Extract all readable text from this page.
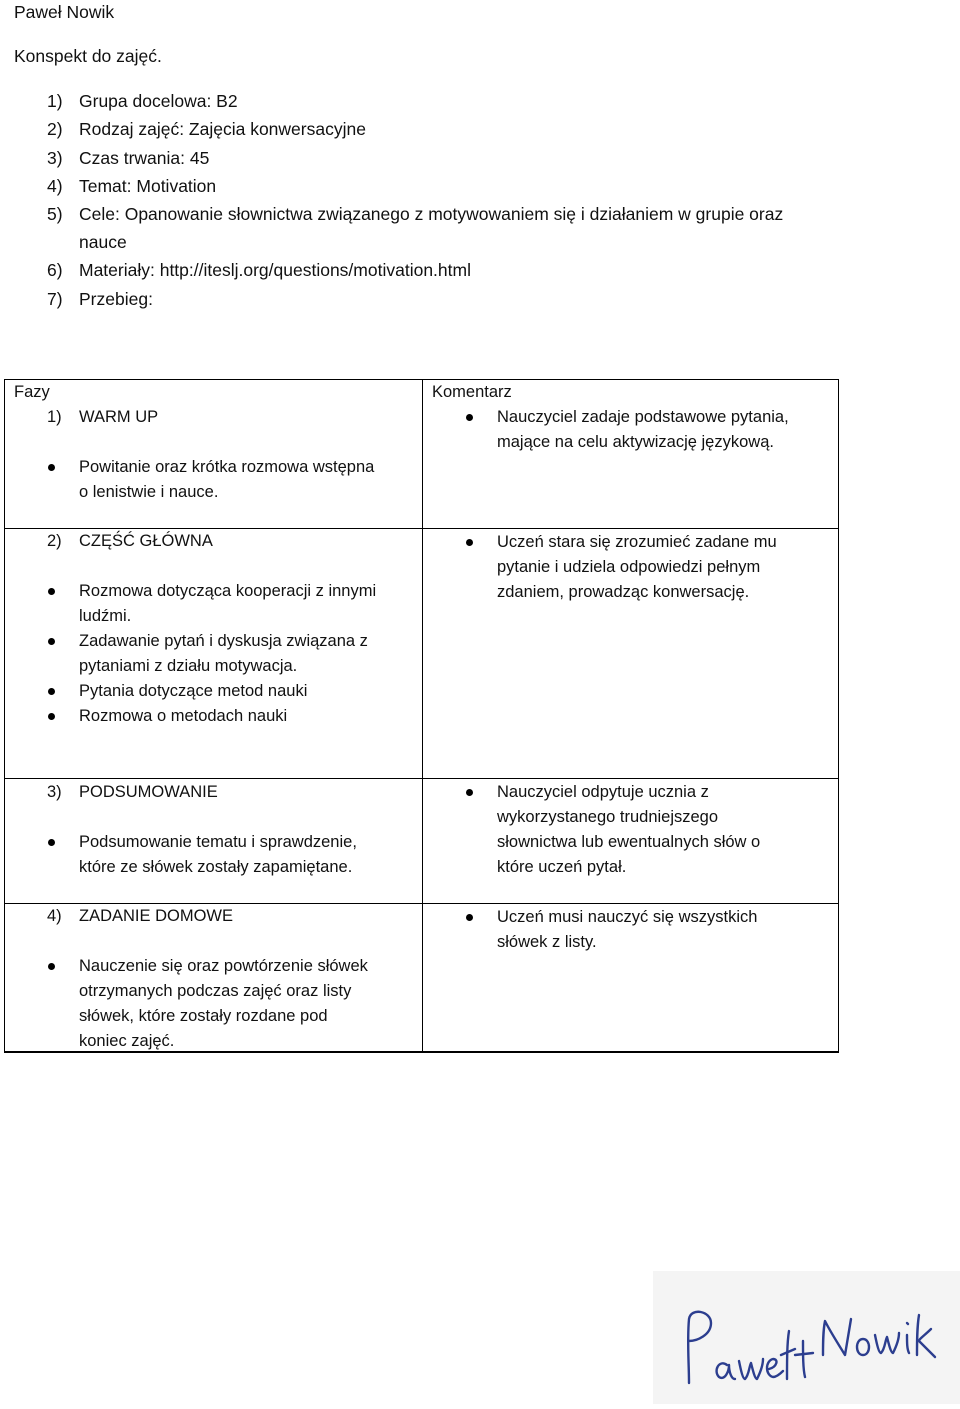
Paweł Nowik
Konspekt do zajęć.
1) Grupa docelowa: B2
2) Rodzaj zajęć: Zajęcia konwersacyjne
3) Czas trwania: 45
4) Temat: Motivation
5) Cele: Opanowanie słownictwa związanego z motywowaniem się i działaniem w grupie oraz
nauce
6) Materiały: http://iteslj.org/questions/motivation.html
7) Przebieg:
Fazy	Komentarz
1) WARM UP
Powitanie oraz krótka rozmowa wstępna
o lenistwie i nauce.
Nauczyciel zadaje podstawowe pytania,
mające na celu aktywizację językową.
2) CZĘŚĆ GŁÓWNA
Rozmowa dotycząca kooperacji z innymi
ludźmi.
Zadawanie pytań i dyskusja związana z
pytaniami z działu motywacja.
Pytania dotyczące metod nauki
Rozmowa o metodach nauki
Uczeń stara się zrozumieć zadane mu
pytanie i udziela odpowiedzi pełnym
zdaniem, prowadząc konwersację.
3) PODSUMOWANIE
Podsumowanie tematu i sprawdzenie,
które ze słówek zostały zapamiętane.
Nauczyciel odpytuje ucznia z
wykorzystanego trudniejszego
słownictwa lub ewentualnych słów o
które uczeń pytał.
4) ZADANIE DOMOWE
Nauczenie się oraz powtórzenie słówek
otrzymanych podczas zajęć oraz listy
słówek, które zostały rozdane pod
koniec zajęć.
Uczeń musi nauczyć się wszystkich
słówek z listy.
